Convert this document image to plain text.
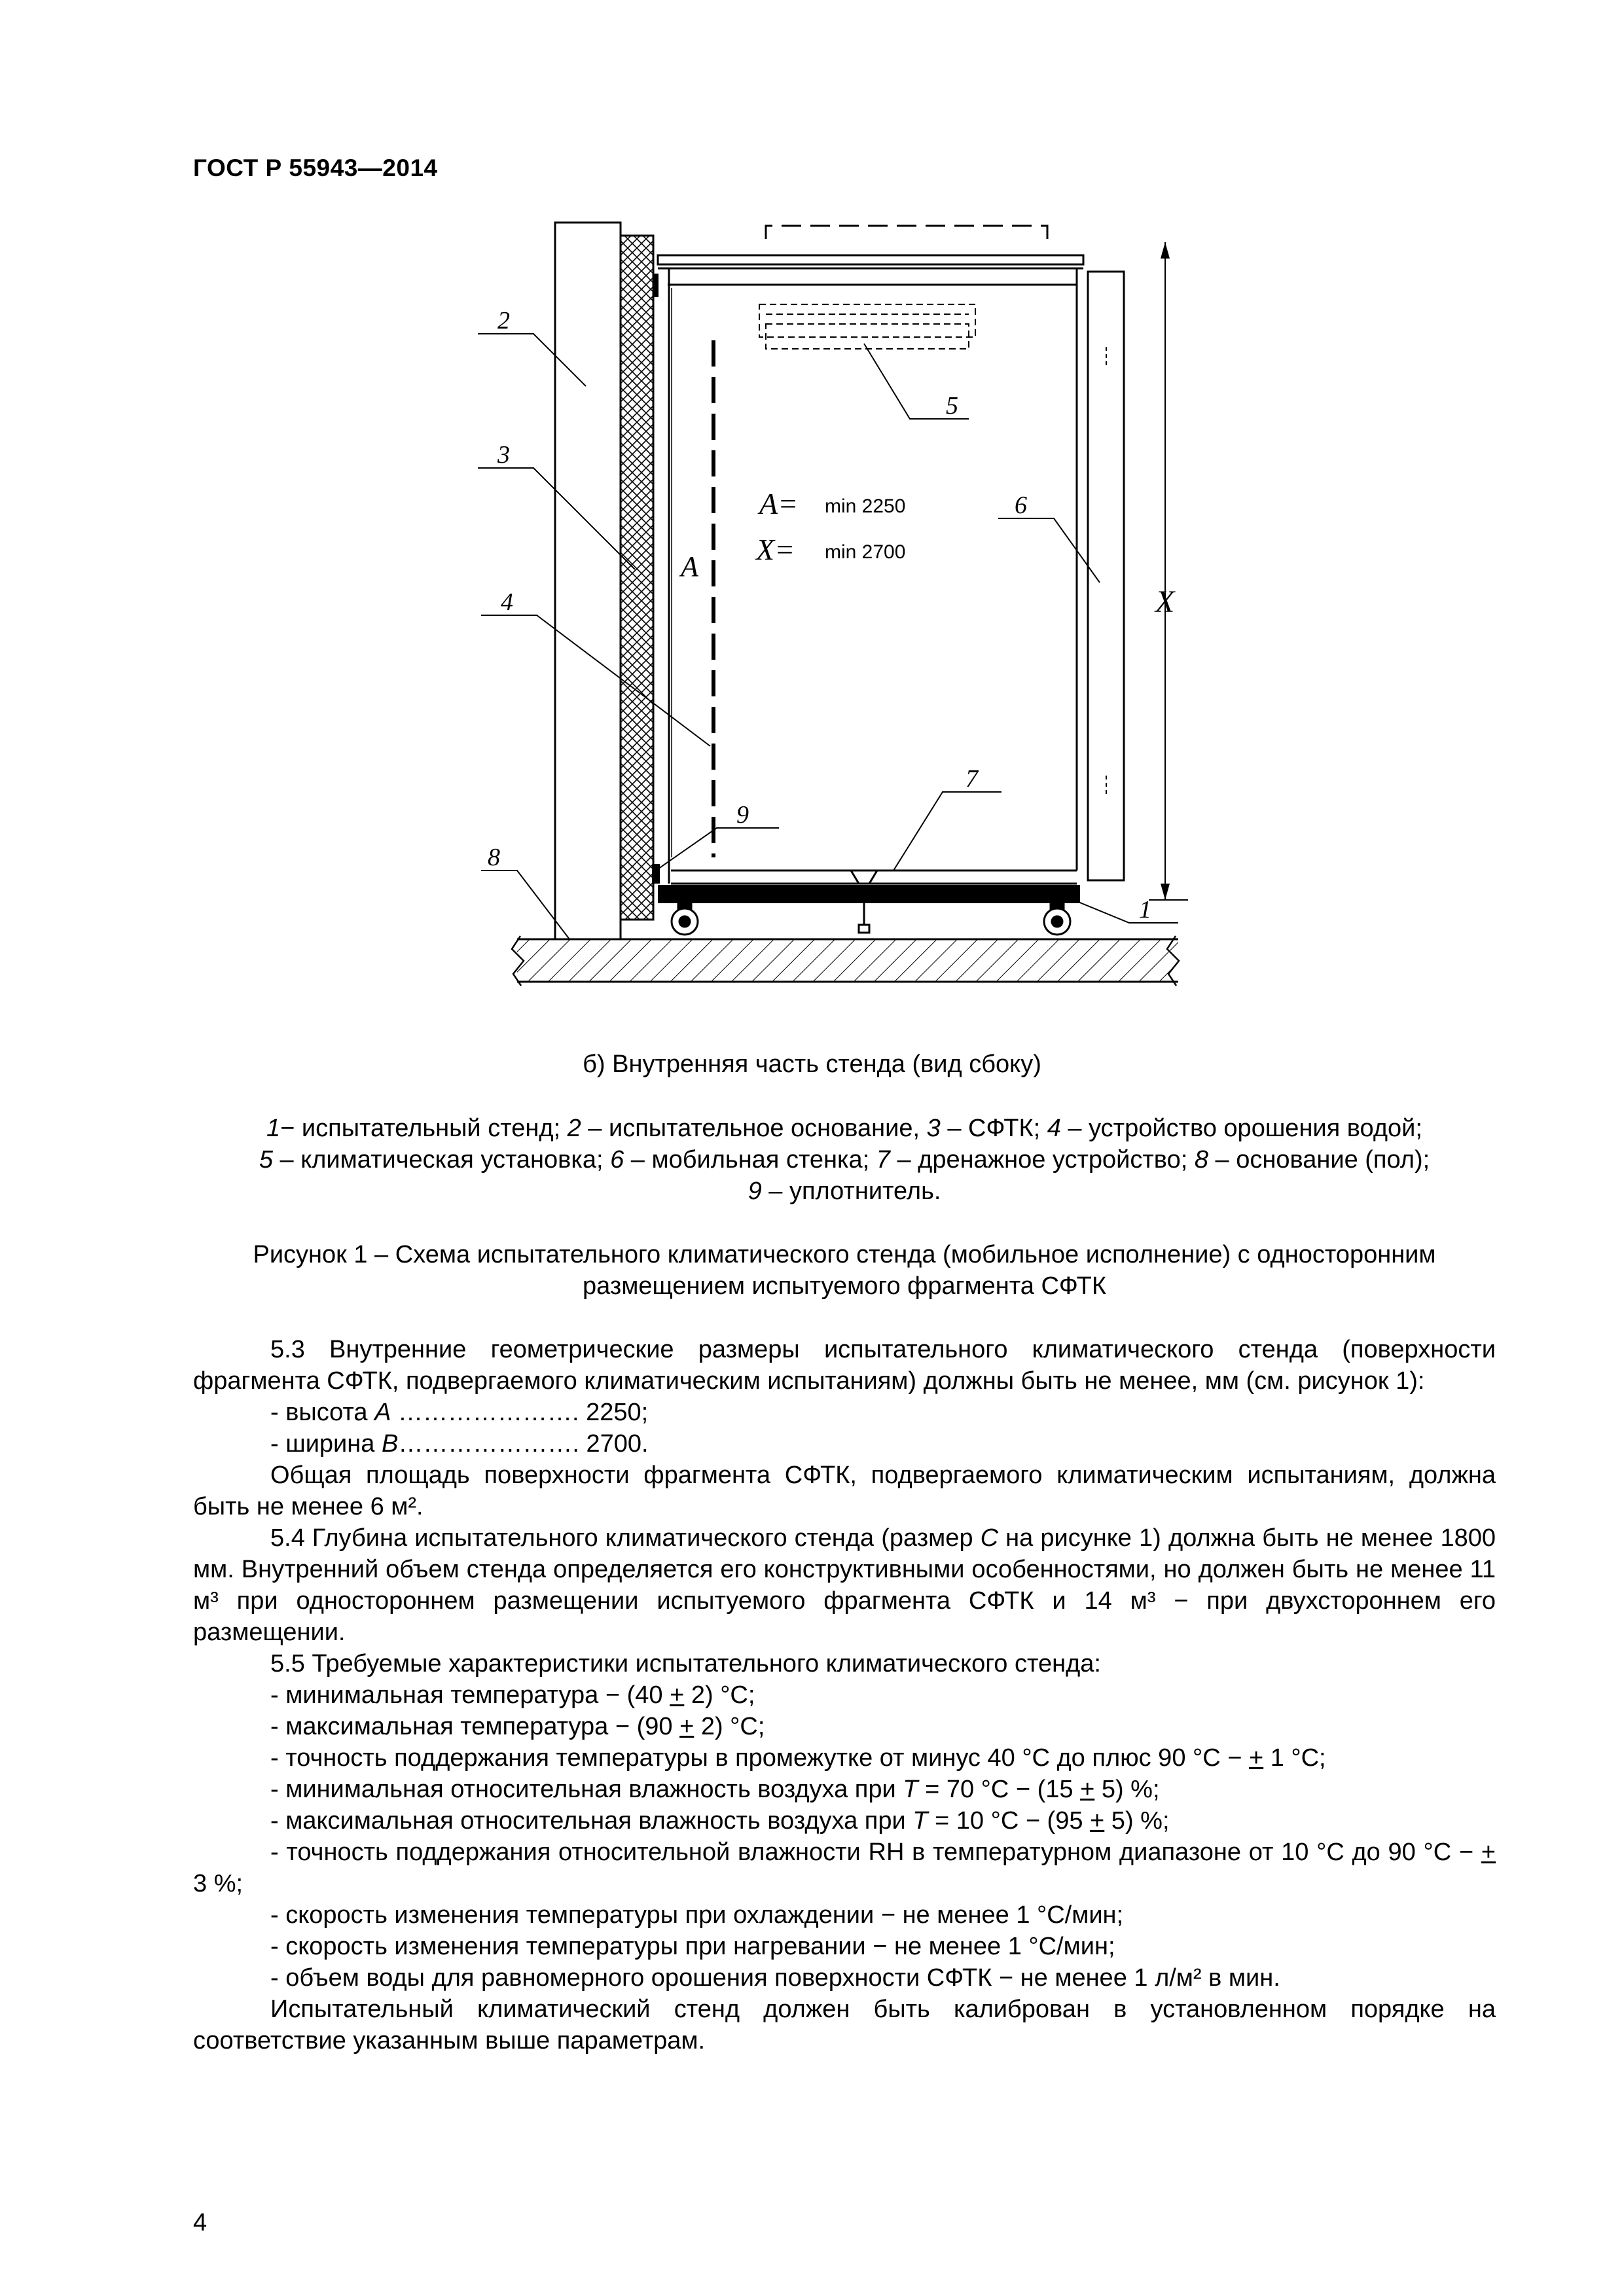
ГОСТ Р 55943—2014
A
A= min 2250
X= min 2700
X
2
3
4
5
6
7
8
9
1
б) Внутренняя часть стенда (вид сбоку)
1− испытательный стенд; 2 – испытательное основание, 3 – СФТК; 4 – устройство орошения водой;
5 – климатическая установка; 6 – мобильная стенка; 7 – дренажное устройство; 8 – основание (пол);
9 – уплотнитель.
Рисунок 1 – Схема испытательного климатического стенда (мобильное исполнение) с односторонним
размещением испытуемого фрагмента СФТК

5.3 Внутренние геометрические размеры испытательного климатического стенда (поверхности фрагмента СФТК, подвергаемого климатическим испытаниям) должны быть не менее, мм (см. рисунок 1):

- высота A …………………. 2250;

- ширина B…………………. 2700.

Общая площадь поверхности фрагмента СФТК, подвергаемого климатическим испытаниям, должна быть не менее 6 м².

5.4 Глубина испытательного климатического стенда (размер С на рисунке 1) должна быть не менее 1800 мм. Внутренний объем стенда определяется его конструктивными особенностями, но должен быть не менее 11 м³ при одностороннем размещении испытуемого фрагмента СФТК и 14 м³ − при двухстороннем его размещении.

5.5 Требуемые характеристики испытательного климатического стенда:

- минимальная температура − (40 + 2) °С;

- максимальная температура − (90 + 2) °С;

- точность поддержания температуры в промежутке от минус 40 °С до плюс 90 °С − + 1 °С;

- минимальная относительная влажность воздуха при T = 70 °С − (15 + 5) %;

- максимальная относительная влажность воздуха при T = 10 °С − (95 + 5) %;

- точность поддержания относительной влажности RH в температурном диапазоне от 10 °С до 90 °С − + 3 %;

- скорость изменения температуры при охлаждении − не менее 1 °С/мин;

- скорость изменения температуры при нагревании − не менее 1 °С/мин;

- объем воды для равномерного орошения поверхности СФТК − не менее 1 л/м² в мин.

Испытательный климатический стенд должен быть калиброван в установленном порядке на соответствие указанным выше параметрам.

4
